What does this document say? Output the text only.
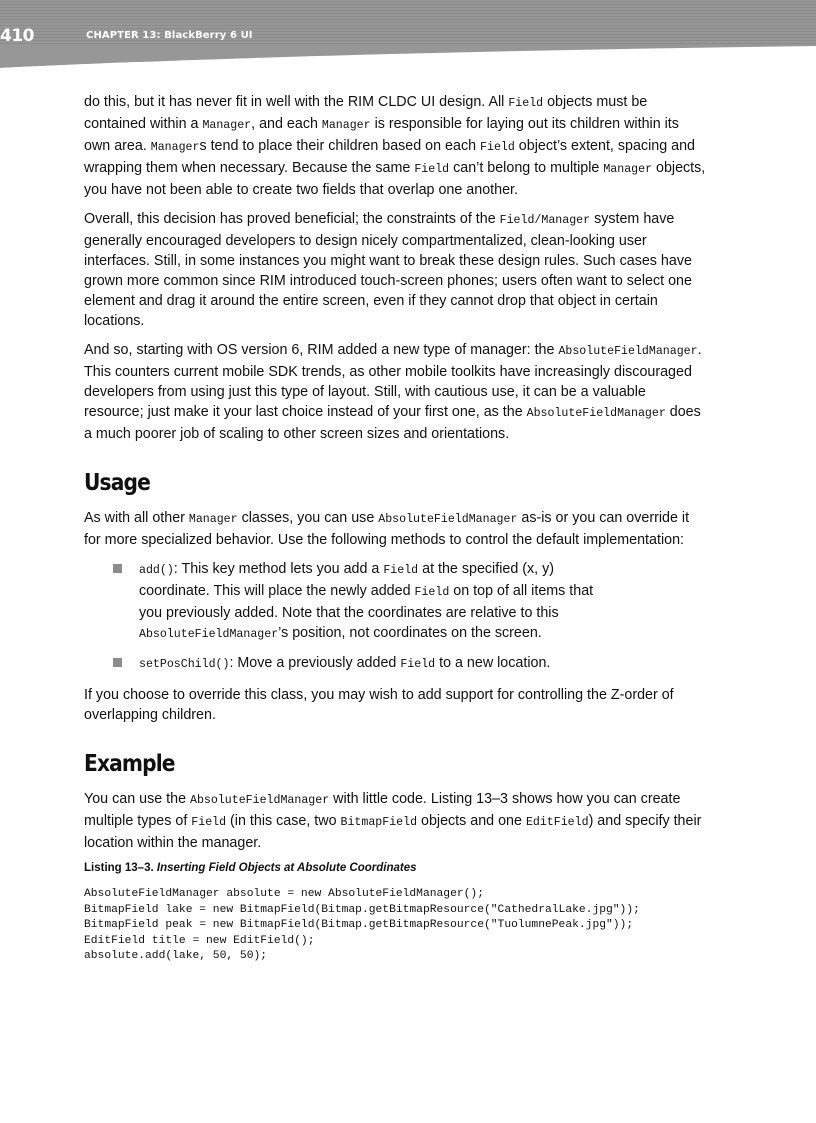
410	CHAPTER 13: BlackBerry 6 UI

do this, but it has never fit in well with the RIM CLDC UI design. All Field objects must be contained within a Manager, and each Manager is responsible for laying out its children within its own area. Managers tend to place their children based on each Field object’s extent, spacing and wrapping them when necessary. Because the same Field can’t belong to multiple Manager objects, you have not been able to create two fields that overlap one another.

Overall, this decision has proved beneficial; the constraints of the Field/Manager system have generally encouraged developers to design nicely compartmentalized, clean-looking user interfaces. Still, in some instances you might want to break these design rules. Such cases have grown more common since RIM introduced touch-screen phones; users often want to select one element and drag it around the entire screen, even if they cannot drop that object in certain locations.

And so, starting with OS version 6, RIM added a new type of manager: the AbsoluteFieldManager. This counters current mobile SDK trends, as other mobile toolkits have increasingly discouraged developers from using just this type of layout. Still, with cautious use, it can be a valuable resource; just make it your last choice instead of your first one, as the AbsoluteFieldManager does a much poorer job of scaling to other screen sizes and orientations.

Usage

As with all other Manager classes, you can use AbsoluteFieldManager as-is or you can override it for more specialized behavior. Use the following methods to control the default implementation:

add(): This key method lets you add a Field at the specified (x, y) coordinate. This will place the newly added Field on top of all items that you previously added. Note that the coordinates are relative to this AbsoluteFieldManager’s position, not coordinates on the screen.
setPosChild(): Move a previously added Field to a new location.

If you choose to override this class, you may wish to add support for controlling the Z-order of overlapping children.

Example

You can use the AbsoluteFieldManager with little code. Listing 13–3 shows how you can create multiple types of Field (in this case, two BitmapField objects and one EditField) and specify their location within the manager.

Listing 13–3. Inserting Field Objects at Absolute Coordinates
AbsoluteFieldManager absolute = new AbsoluteFieldManager();
BitmapField lake = new BitmapField(Bitmap.getBitmapResource("CathedralLake.jpg"));
BitmapField peak = new BitmapField(Bitmap.getBitmapResource("TuolumnePeak.jpg"));
EditField title = new EditField();
absolute.add(lake, 50, 50);
